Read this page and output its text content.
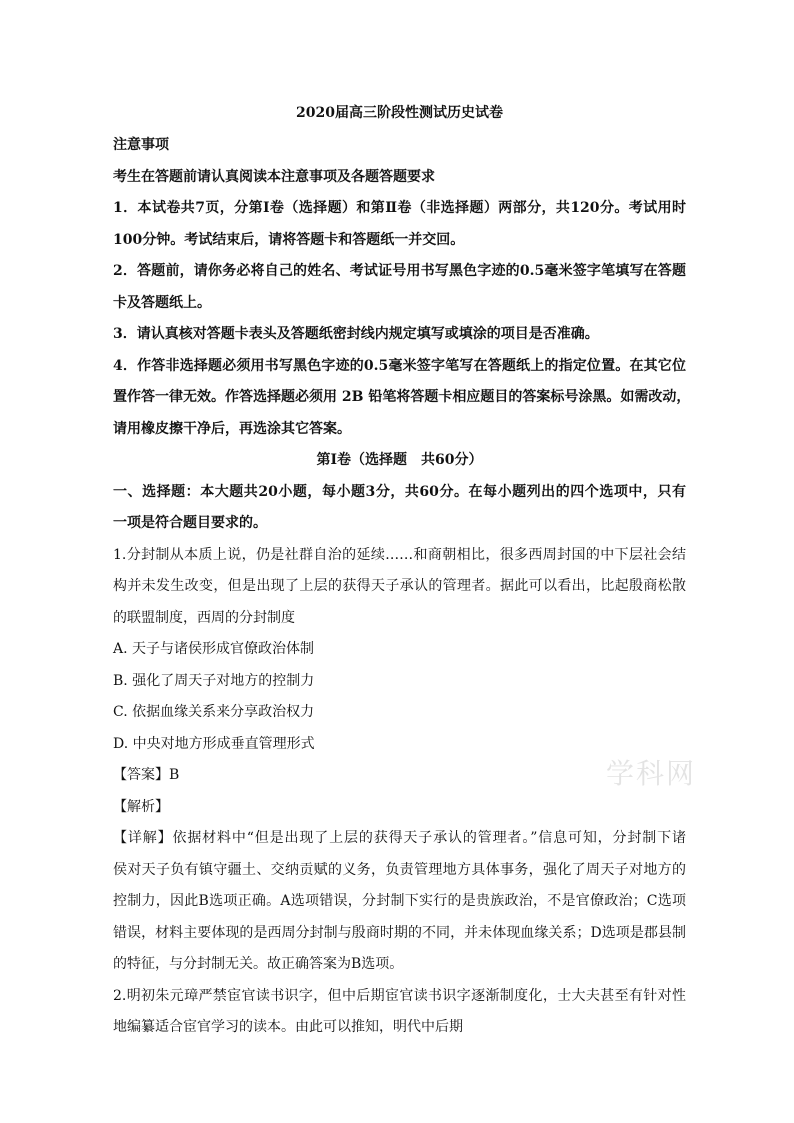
2020届高三阶段性测试历史试卷
注意事项
考生在答题前请认真阅读本注意事项及各题答题要求
1．本试卷共7页，分第Ⅰ卷（选择题）和第Ⅱ卷（非选择题）两部分，共120分。考试用时
100分钟。考试结束后，请将答题卡和答题纸一并交回。
2．答题前，请你务必将自己的姓名、考试证号用书写黑色字迹的0.5毫米签字笔填写在答题
卡及答题纸上。
3．请认真核对答题卡表头及答题纸密封线内规定填写或填涂的项目是否准确。
4．作答非选择题必须用书写黑色字迹的0.5毫米签字笔写在答题纸上的指定位置。在其它位
置作答一律无效。作答选择题必须用 2B 铅笔将答题卡相应题目的答案标号涂黑。如需改动，
请用橡皮擦干净后，再选涂其它答案。
第Ⅰ卷（选择题　共60分）
一、选择题：本大题共20小题，每小题3分，共60分。在每小题列出的四个选项中，只有
一项是符合题目要求的。
1.分封制从本质上说，仍是社群自治的延续……和商朝相比，很多西周封国的中下层社会结
构并未发生改变，但是出现了上层的获得天子承认的管理者。据此可以看出，比起殷商松散
的联盟制度，西周的分封制度
A. 天子与诸侯形成官僚政治体制
B. 强化了周天子对地方的控制力
C. 依据血缘关系来分享政治权力
D. 中央对地方形成垂直管理形式
【答案】B
【解析】
【详解】依据材料中“但是出现了上层的获得天子承认的管理者。”信息可知，分封制下诸
侯对天子负有镇守疆土、交纳贡赋的义务，负责管理地方具体事务，强化了周天子对地方的
控制力，因此B选项正确。A选项错误，分封制下实行的是贵族政治，不是官僚政治；C选项
错误，材料主要体现的是西周分封制与殷商时期的不同，并未体现血缘关系；D选项是郡县制
的特征，与分封制无关。故正确答案为B选项。
2.明初朱元璋严禁宦官读书识字，但中后期宦官读书识字逐渐制度化，士大夫甚至有针对性
地编纂适合宦官学习的读本。由此可以推知，明代中后期
学科网
